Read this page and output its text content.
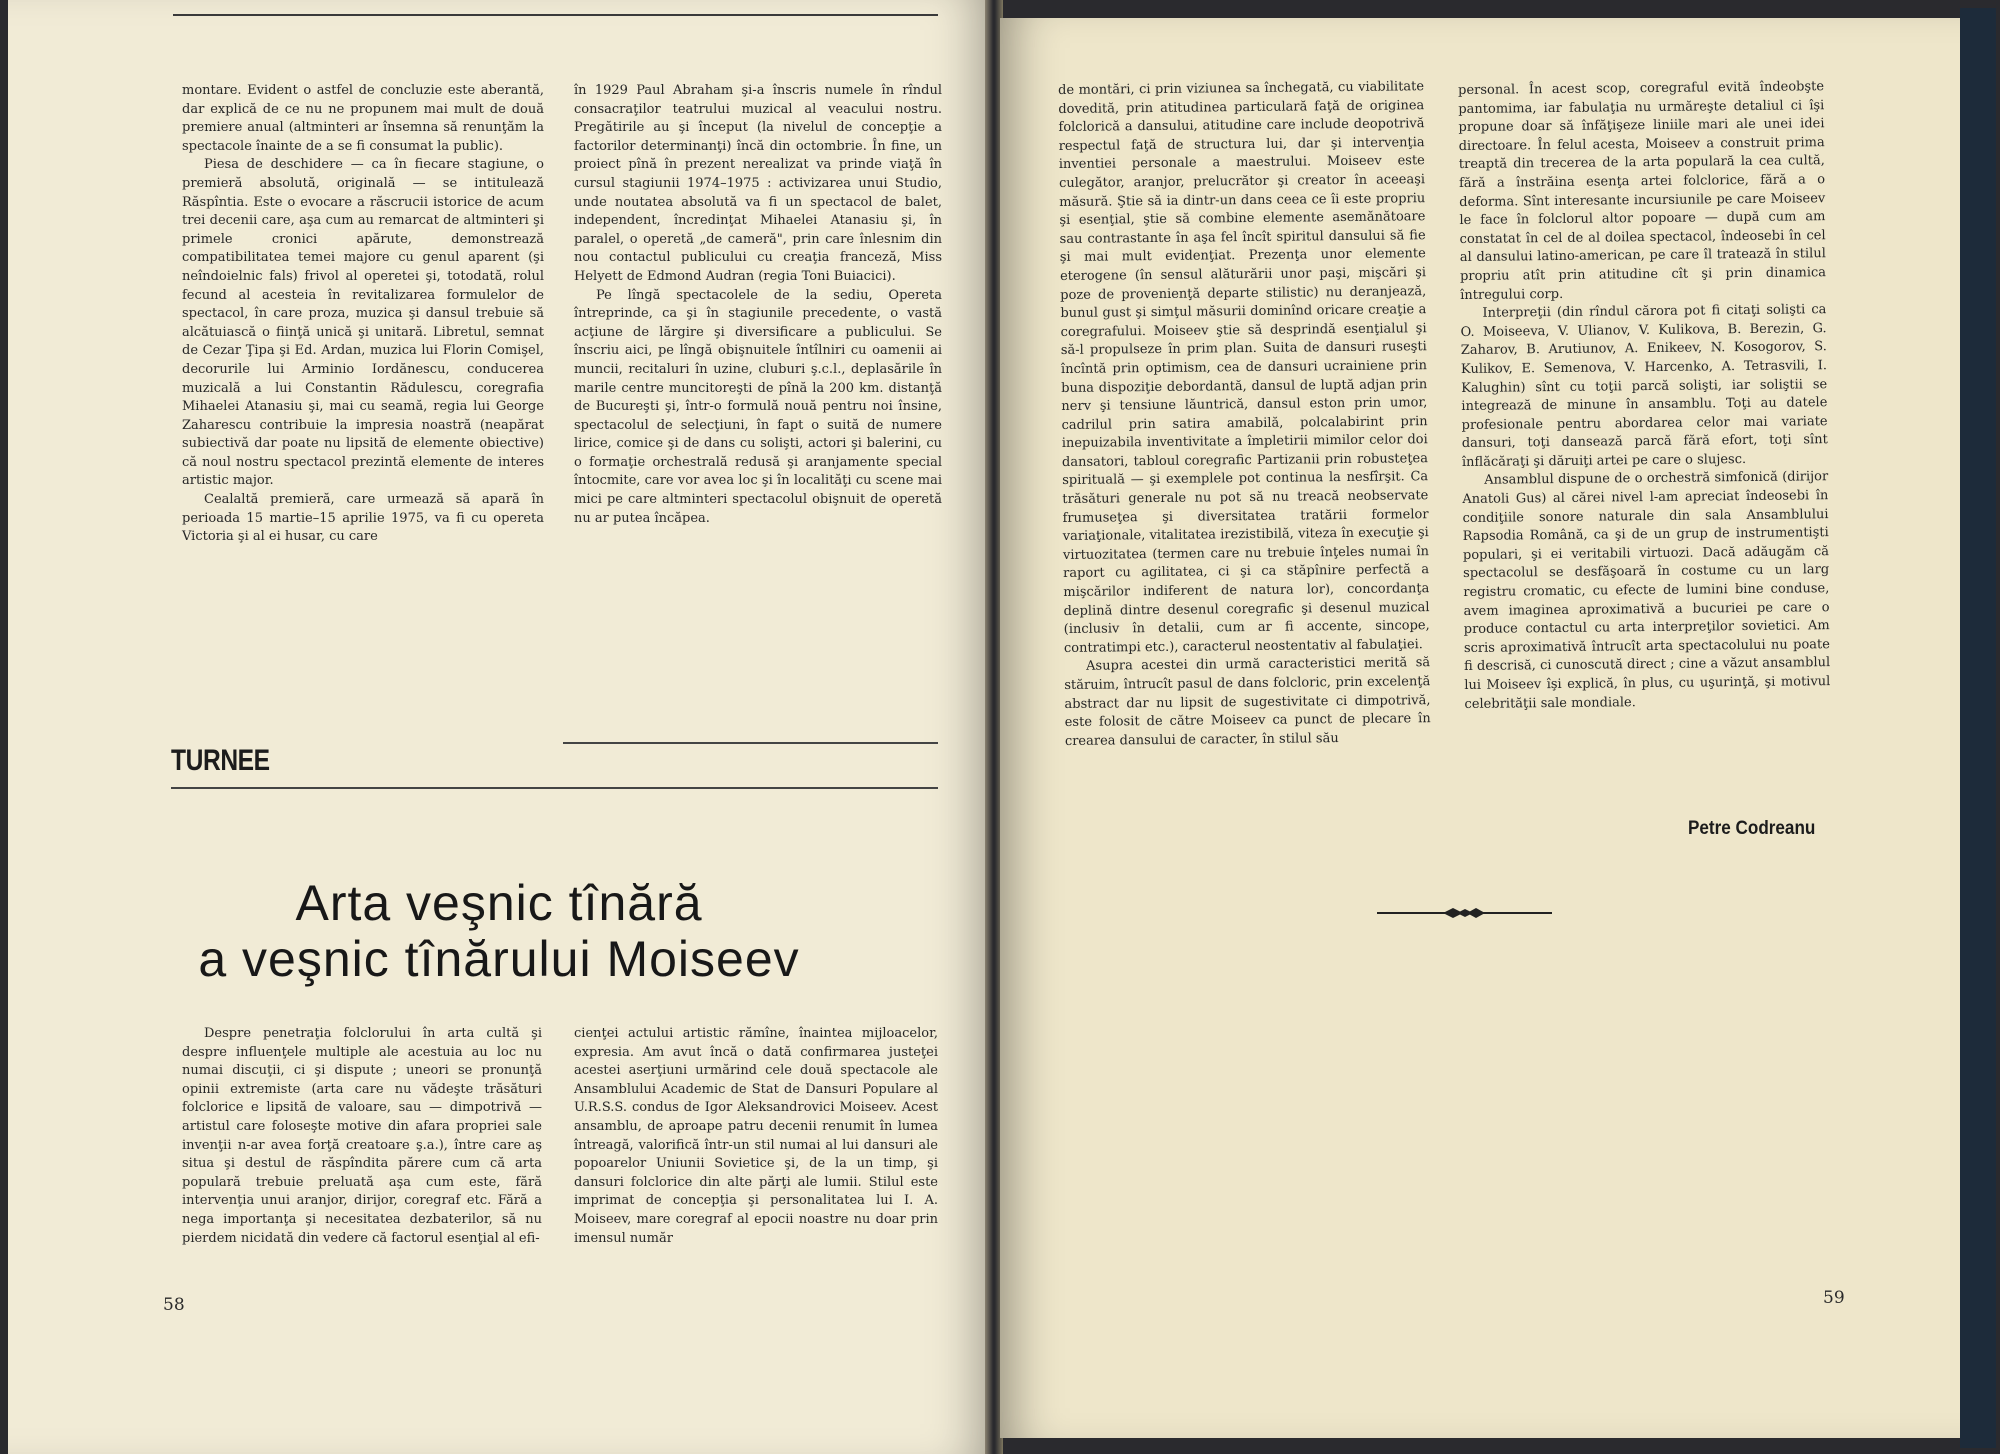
montare. Evident o astfel de concluzie este aberantă, dar explică de ce nu ne propunem mai mult de două premiere anual (altminteri ar însemna să renunţăm la spectacole înainte de a se fi consumat la public).

Piesa de deschidere — ca în fiecare stagiune, o premieră absolută, originală — se intitulează Răspîntia. Este o evocare a răscrucii istorice de acum trei decenii care, aşa cum au remarcat de altminteri şi primele cronici apărute, demonstrează compatibilitatea temei majore cu genul aparent (şi neîndoielnic fals) frivol al operetei şi, totodată, rolul fecund al acesteia în revitalizarea formulelor de spectacol, în care proza, muzica şi dansul trebuie să alcătuiască o fiinţă unică şi unitară. Libretul, semnat de Cezar Ţipa şi Ed. Ardan, muzica lui Florin Comişel, decorurile lui Arminio Iordănescu, conducerea muzicală a lui Constantin Rădulescu, coregrafia Mihaelei Atanasiu şi, mai cu seamă, regia lui George Zaharescu contribuie la impresia noastră (neapărat subiectivă dar poate nu lipsită de elemente obiective) că noul nostru spectacol prezintă elemente de interes artistic major.

Cealaltă premieră, care urmează să apară în perioada 15 martie–15 aprilie 1975, va fi cu opereta Victoria şi al ei husar, cu care

în 1929 Paul Abraham şi-a înscris numele în rîndul consacraţilor teatrului muzical al veacului nostru. Pregătirile au şi început (la nivelul de concepţie a factorilor determinanţi) încă din octombrie. În fine, un proiect pînă în prezent nerealizat va prinde viaţă în cursul stagiunii 1974–1975 : activizarea unui Studio, unde noutatea absolută va fi un spectacol de balet, independent, încredinţat Mihaelei Atanasiu şi, în paralel, o operetă „de cameră", prin care înlesnim din nou contactul publicului cu creaţia franceză, Miss Helyett de Edmond Audran (regia Toni Buiacici).

Pe lîngă spectacolele de la sediu, Opereta întreprinde, ca şi în stagiunile precedente, o vastă acţiune de lărgire şi diversificare a publicului. Se înscriu aici, pe lîngă obişnuitele întîlniri cu oamenii ai muncii, recitaluri în uzine, cluburi ş.c.l., deplasările în marile centre muncitoreşti de pînă la 200 km. distanţă de Bucureşti şi, într-o formulă nouă pentru noi însine, spectacolul de selecţiuni, în fapt o suită de numere lirice, comice şi de dans cu solişti, actori şi balerini, cu o formaţie orchestrală redusă şi aranjamente special întocmite, care vor avea loc şi în localităţi cu scene mai mici pe care altminteri spectacolul obişnuit de operetă nu ar putea încăpea.

TURNEE
Arta veşnic tînără
a veşnic tînărului Moiseev

Despre penetraţia folclorului în arta cultă şi despre influenţele multiple ale acestuia au loc nu numai discuţii, ci şi dispute ; uneori se pronunţă opinii extremiste (arta care nu vădeşte trăsături folclorice e lipsită de valoare, sau — dimpotrivă — artistul care foloseşte motive din afara propriei sale invenţii n-ar avea forţă creatoare ş.a.), între care aş situa şi destul de răspîndita părere cum că arta populară trebuie preluată aşa cum este, fără intervenţia unui aranjor, dirijor, coregraf etc. Fără a nega importanţa şi necesitatea dezbaterilor, să nu pierdem nicidată din vedere că factorul esenţial al efi-

cienţei actului artistic rămîne, înaintea mijloacelor, expresia. Am avut încă o dată confirmarea justeţei acestei aserţiuni urmărind cele două spectacole ale Ansamblului Academic de Stat de Dansuri Populare al U.R.S.S. condus de Igor Aleksandrovici Moiseev. Acest ansamblu, de aproape patru decenii renumit în lumea întreagă, valorifică într-un stil numai al lui dansuri ale popoarelor Uniunii Sovietice şi, de la un timp, şi dansuri folclorice din alte părţi ale lumii. Stilul este imprimat de concepţia şi personalitatea lui I. A. Moiseev, mare coregraf al epocii noastre nu doar prin imensul număr

58

de montări, ci prin viziunea sa închegată, cu viabilitate dovedită, prin atitudinea particulară faţă de originea folclorică a dansului, atitudine care include deopotrivă respectul faţă de structura lui, dar şi intervenţia inventiei personale a maestrului. Moiseev este culegător, aranjor, prelucrător şi creator în aceeaşi măsură. Ştie să ia dintr-un dans ceea ce îi este propriu şi esenţial, ştie să combine elemente asemănătoare sau contrastante în aşa fel încît spiritul dansului să fie şi mai mult evidenţiat. Prezenţa unor elemente eterogene (în sensul alăturării unor paşi, mişcări şi poze de provenienţă departe stilistic) nu deranjează, bunul gust şi simţul măsurii dominînd oricare creaţie a coregrafului. Moiseev ştie să desprindă esenţialul şi să-l propulseze în prim plan. Suita de dansuri ruseşti încîntă prin optimism, cea de dansuri ucrainiene prin buna dispoziţie debordantă, dansul de luptă adjan prin nerv şi tensiune lăuntrică, dansul eston prin umor, cadrilul prin satira amabilă, polcalabirint prin inepuizabila inventivitate a împletirii mimilor celor doi dansatori, tabloul coregrafic Partizanii prin robusteţea spirituală — şi exemplele pot continua la nesfîrşit. Ca trăsături generale nu pot să nu treacă neobservate frumuseţea şi diversitatea tratării formelor variaţionale, vitalitatea irezistibilă, viteza în execuţie şi virtuozitatea (termen care nu trebuie înţeles numai în raport cu agilitatea, ci şi ca stăpînire perfectă a mişcărilor indiferent de natura lor), concordanţa deplină dintre desenul coregrafic şi desenul muzical (inclusiv în detalii, cum ar fi accente, sincope, contratimpi etc.), caracterul neostentativ al fabulaţiei.

Asupra acestei din urmă caracteristici merită să stăruim, întrucît pasul de dans folcloric, prin excelenţă abstract dar nu lipsit de sugestivitate ci dimpotrivă, este folosit de către Moiseev ca punct de plecare în crearea dansului de caracter, în stilul său

personal. În acest scop, coregraful evită îndeobşte pantomima, iar fabulaţia nu urmăreşte detaliul ci îşi propune doar să înfăţişeze liniile mari ale unei idei directoare. În felul acesta, Moiseev a construit prima treaptă din trecerea de la arta populară la cea cultă, fără a înstrăina esenţa artei folclorice, fără a o deforma. Sînt interesante incursiunile pe care Moiseev le face în folclorul altor popoare — după cum am constatat în cel de al doilea spectacol, îndeosebi în cel al dansului latino-american, pe care îl tratează în stilul propriu atît prin atitudine cît şi prin dinamica întregului corp.

Interpreţii (din rîndul cărora pot fi citaţi solişti ca O. Moiseeva, V. Ulianov, V. Kulikova, B. Berezin, G. Zaharov, B. Arutiunov, A. Enikeev, N. Kosogorov, S. Kulikov, E. Semenova, V. Harcenko, A. Tetrasvili, I. Kalughin) sînt cu toţii parcă solişti, iar soliştii se integrează de minune în ansamblu. Toţi au datele profesionale pentru abordarea celor mai variate dansuri, toţi dansează parcă fără efort, toţi sînt înflăcăraţi şi dăruiţi artei pe care o slujesc.

Ansamblul dispune de o orchestră simfonică (dirijor Anatoli Gus) al cărei nivel l-am apreciat îndeosebi în condiţiile sonore naturale din sala Ansamblului Rapsodia Română, ca şi de un grup de instrumentişti populari, şi ei veritabili virtuozi. Dacă adăugăm că spectacolul se desfăşoară în costume cu un larg registru cromatic, cu efecte de lumini bine conduse, avem imaginea aproximativă a bucuriei pe care o produce contactul cu arta interpreţilor sovietici. Am scris aproximativă întrucît arta spectacolului nu poate fi descrisă, ci cunoscută direct ; cine a văzut ansamblul lui Moiseev îşi explică, în plus, cu uşurinţă, şi motivul celebrităţii sale mondiale.

Petre Codreanu
59
